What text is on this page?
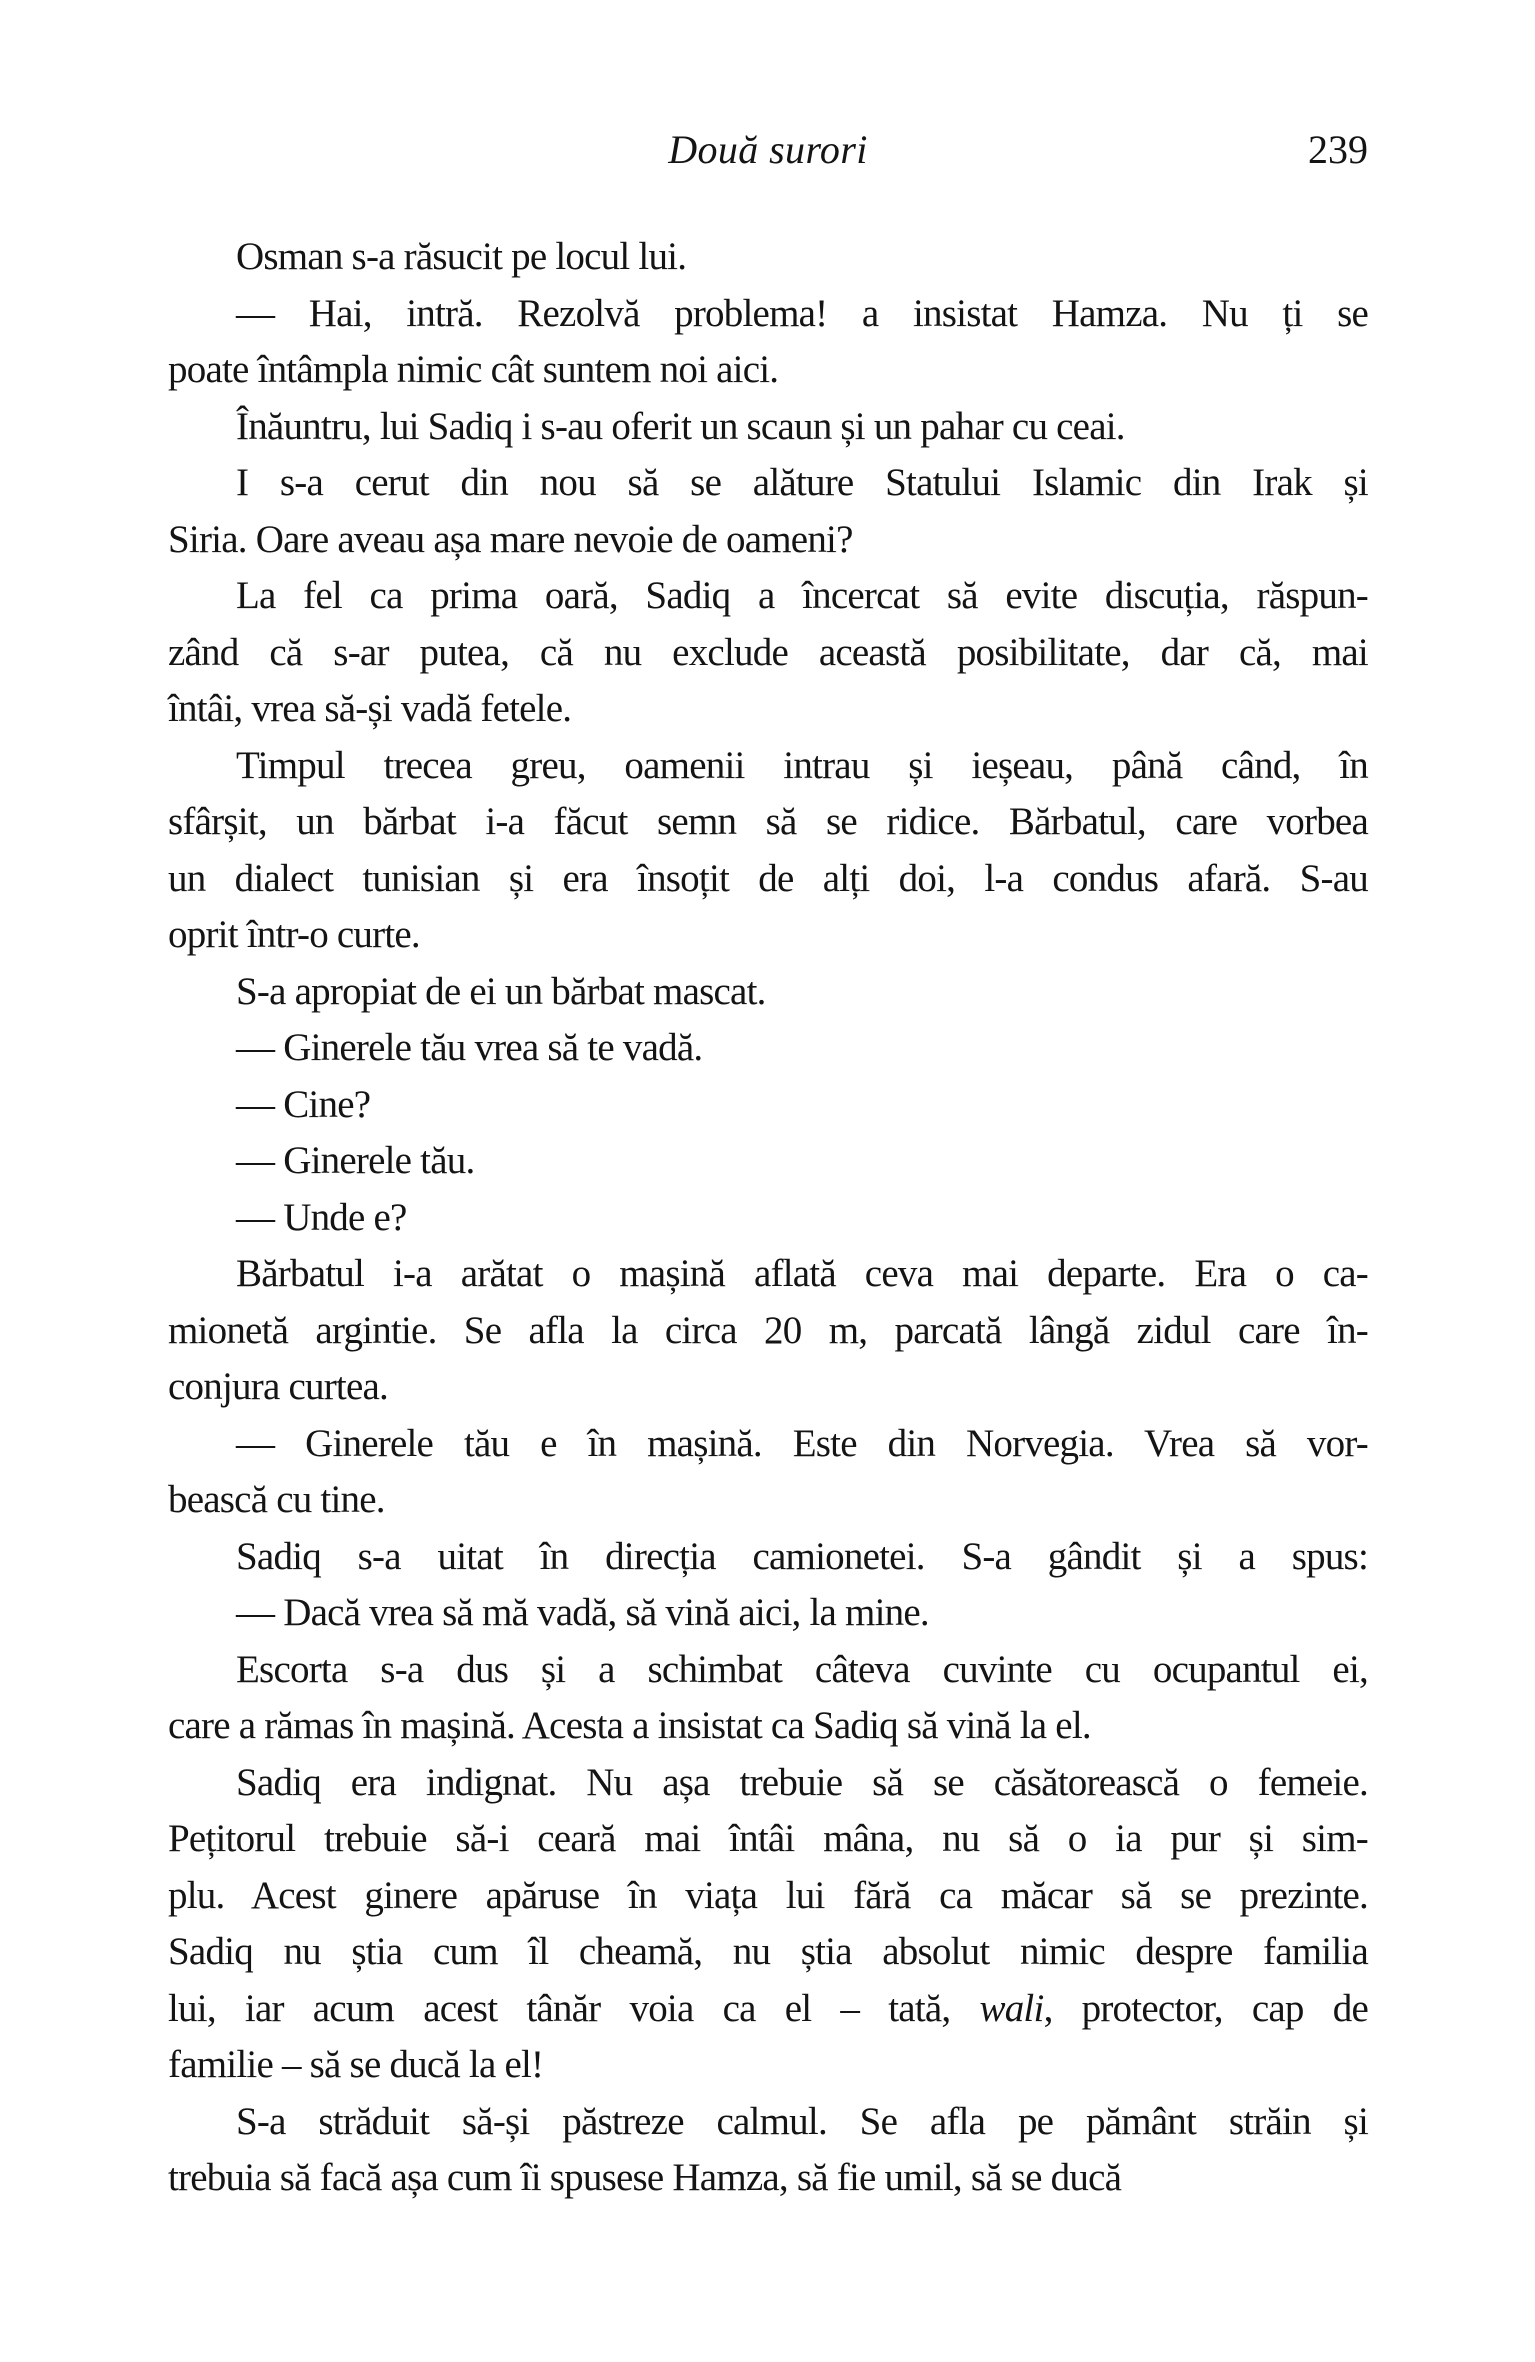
Două surori	239
Osman s-a răsucit pe locul lui.
— Hai, intră. Rezolvă problema! a insistat Hamza. Nu ți se
poate întâmpla nimic cât suntem noi aici.
Înăuntru, lui Sadiq i s-au oferit un scaun și un pahar cu ceai.
I s-a cerut din nou să se alăture Statului Islamic din Irak și
Siria. Oare aveau așa mare nevoie de oameni?
La fel ca prima oară, Sadiq a încercat să evite discuția, răspun-
zând că s-ar putea, că nu exclude această posibilitate, dar că, mai
întâi, vrea să-și vadă fetele.
Timpul trecea greu, oamenii intrau și ieșeau, până când, în
sfârșit, un bărbat i-a făcut semn să se ridice. Bărbatul, care vorbea
un dialect tunisian și era însoțit de alți doi, l-a condus afară. S-au
oprit într-o curte.
S-a apropiat de ei un bărbat mascat.
— Ginerele tău vrea să te vadă.
— Cine?
— Ginerele tău.
— Unde e?
Bărbatul i-a arătat o mașină aflată ceva mai departe. Era o ca-
mionetă argintie. Se afla la circa 20 m, parcată lângă zidul care în-
conjura curtea.
— Ginerele tău e în mașină. Este din Norvegia. Vrea să vor-
bească cu tine.
Sadiq s-a uitat în direcția camionetei. S-a gândit și a spus:
— Dacă vrea să mă vadă, să vină aici, la mine.
Escorta s-a dus și a schimbat câteva cuvinte cu ocupantul ei,
care a rămas în mașină. Acesta a insistat ca Sadiq să vină la el.
Sadiq era indignat. Nu așa trebuie să se căsătorească o femeie.
Pețitorul trebuie să-i ceară mai întâi mâna, nu să o ia pur și sim-
plu. Acest ginere apăruse în viața lui fără ca măcar să se prezinte.
Sadiq nu știa cum îl cheamă, nu știa absolut nimic despre familia
lui, iar acum acest tânăr voia ca el – tată, wali, protector, cap de
familie – să se ducă la el!
S-a străduit să-și păstreze calmul. Se afla pe pământ străin și
trebuia să facă așa cum îi spusese Hamza, să fie umil, să se ducă
